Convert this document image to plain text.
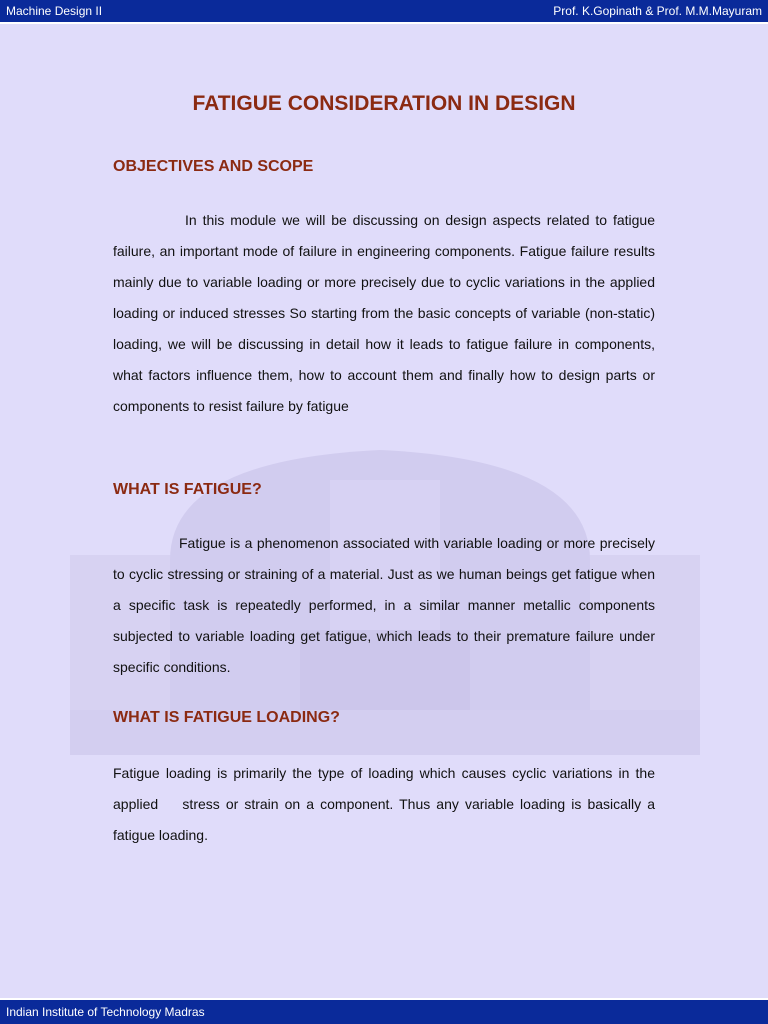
Machine Design II	Prof. K.Gopinath & Prof. M.M.Mayuram
FATIGUE CONSIDERATION IN DESIGN
OBJECTIVES AND SCOPE

In this module we will be discussing on design aspects related to fatigue failure, an important mode of failure in engineering components. Fatigue failure results mainly due to variable loading or more precisely due to cyclic variations in the applied loading or induced stresses So starting from the basic concepts of variable (non-static) loading, we will be discussing in detail how it leads to fatigue failure in components, what factors influence them, how to account them and finally how to design parts or components to resist failure by fatigue

WHAT IS FATIGUE?

Fatigue is a phenomenon associated with variable loading or more precisely to cyclic stressing or straining of a material. Just as we human beings get fatigue when a specific task is repeatedly performed, in a similar manner metallic components subjected to variable loading get fatigue, which leads to their premature failure under specific conditions.

WHAT IS FATIGUE LOADING?

Fatigue loading is primarily the type of loading which causes cyclic variations in the applied    stress or strain on a component. Thus any variable loading is basically a fatigue loading.

Indian Institute of Technology Madras
